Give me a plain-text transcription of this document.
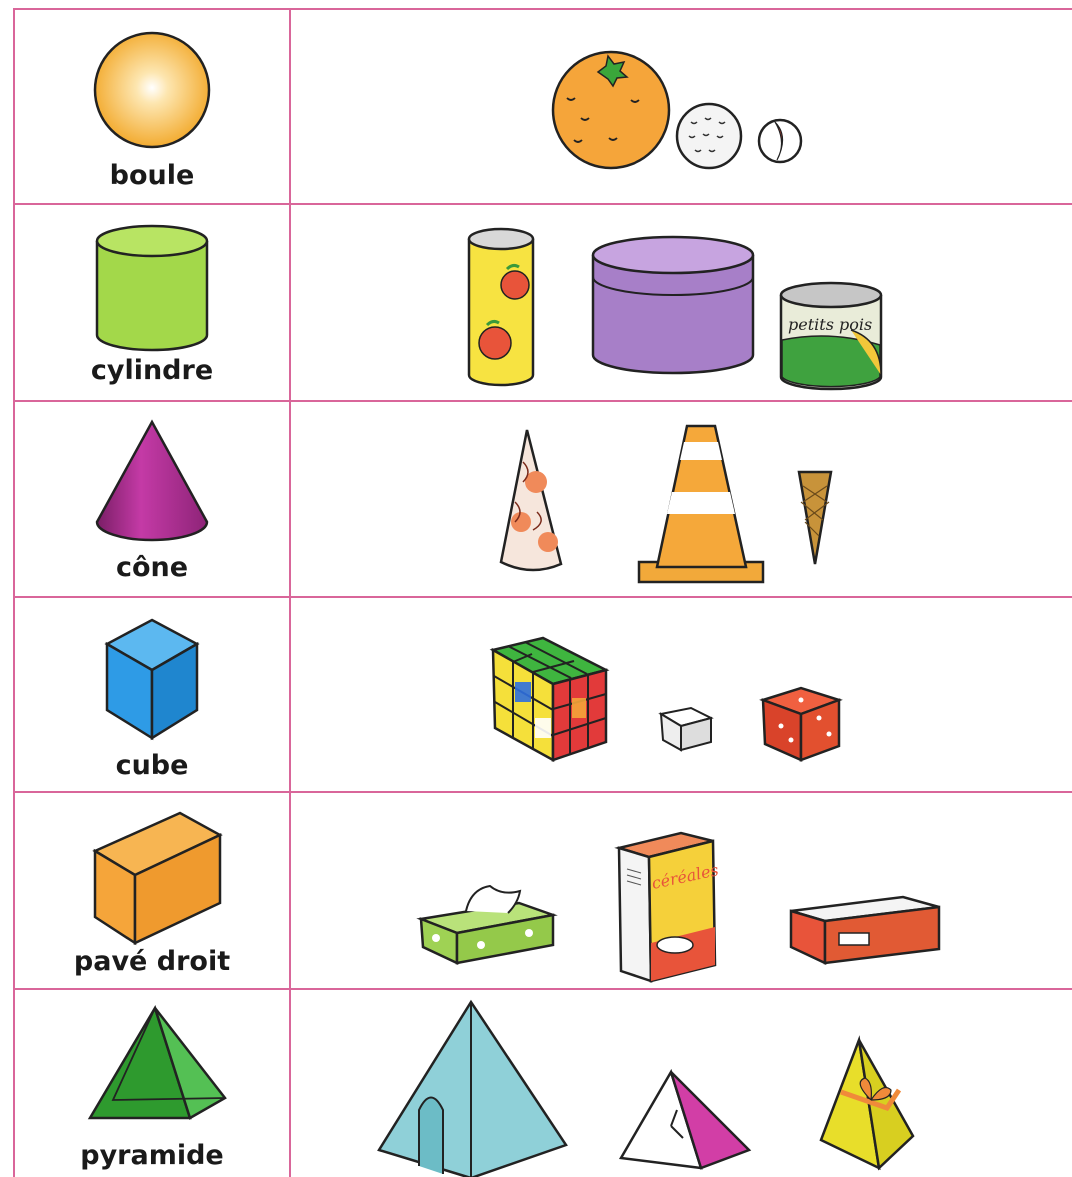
boule
cylindre
petits pois
cône
cube
pavé droit
céréales
pyramide
